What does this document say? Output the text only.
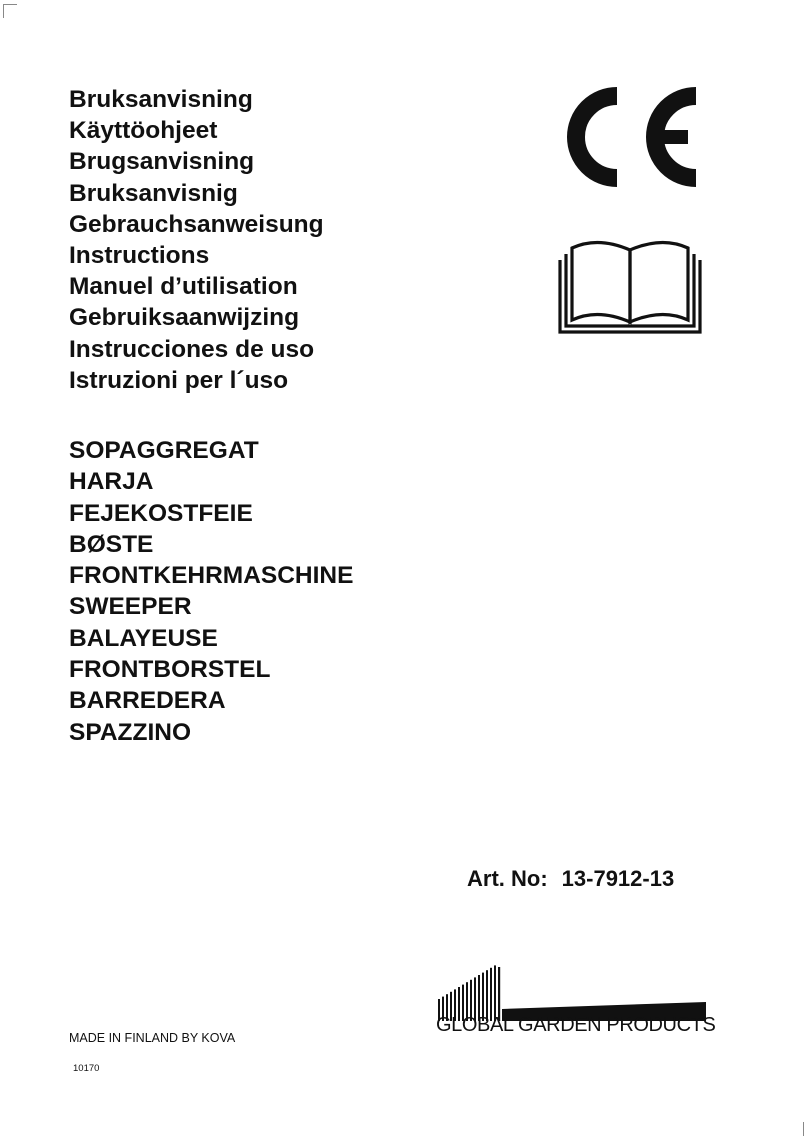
Bruksanvisning
Käyttöohjeet
Brugsanvisning
Bruksanvisnig
Gebrauchsanweisung
Instructions
Manuel d’utilisation
Gebruiksaanwijzing
Instrucciones de uso
Istruzioni per l´uso
SOPAGGREGAT
HARJA
FEJEKOSTFEIE
BØSTE
FRONTKEHRMASCHINE
SWEEPER
BALAYEUSE
FRONTBORSTEL
BARREDERA
SPAZZINO
Art. No: 13-7912-13
GLOBAL GARDEN PRODUCTS
MADE IN FINLAND BY KOVA
10170
